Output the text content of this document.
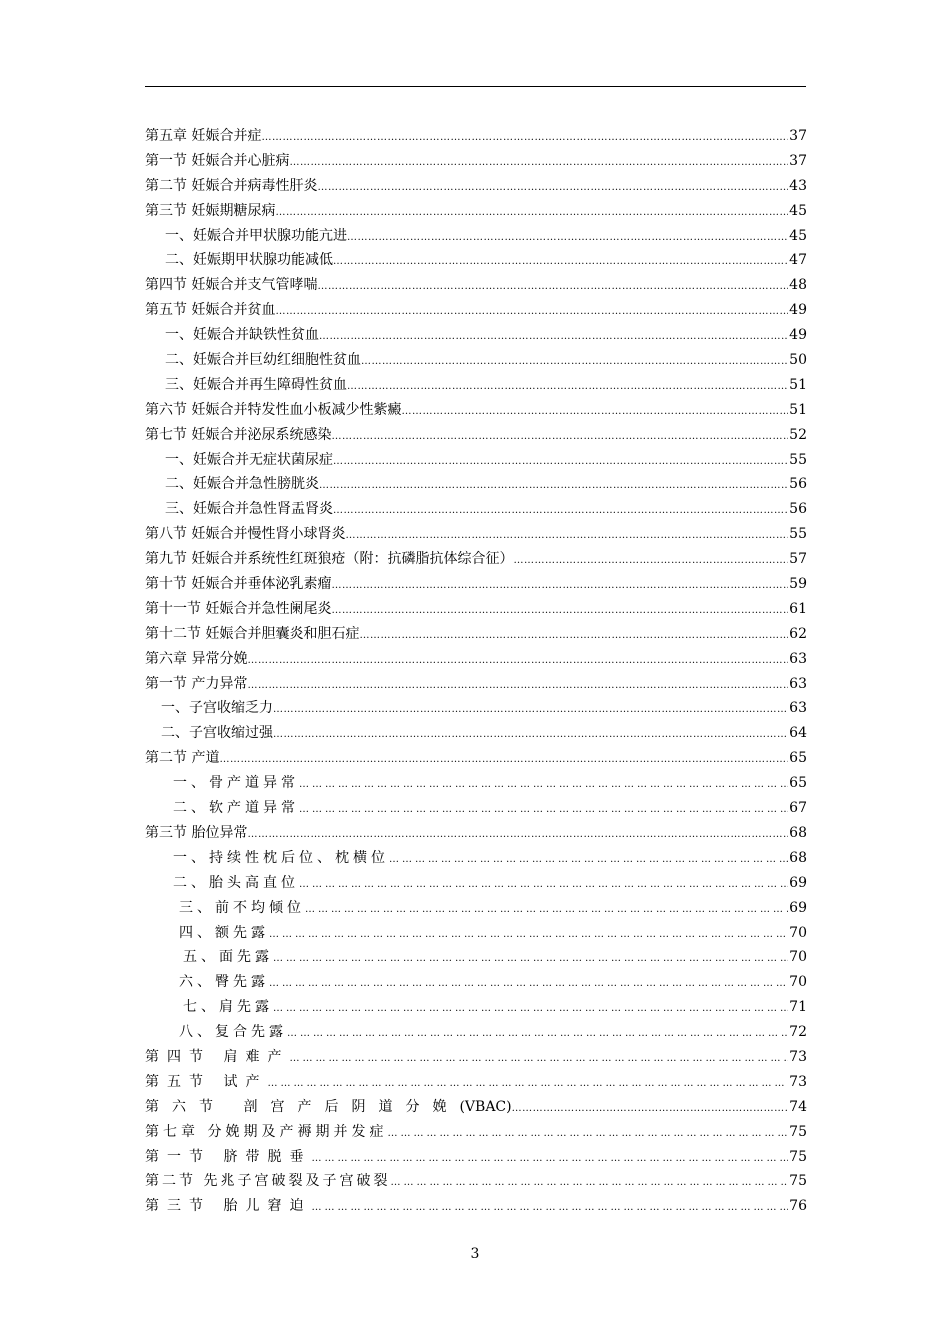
第五章 妊娠合并症 …………………………………………………………………………………………………………………………………………………………………………………………………………………………………………………………	37
第一节 妊娠合并心脏病 …………………………………………………………………………………………………………………………………………………………………………………………………………………………………………………………	37
第二节 妊娠合并病毒性肝炎 …………………………………………………………………………………………………………………………………………………………………………………………………………………………………………………………	43
第三节 妊娠期糖尿病 …………………………………………………………………………………………………………………………………………………………………………………………………………………………………………………………	45
一、妊娠合并甲状腺功能亢进 …………………………………………………………………………………………………………………………………………………………………………………………………………………………………………………………	45
二、妊娠期甲状腺功能减低 …………………………………………………………………………………………………………………………………………………………………………………………………………………………………………………………	47
第四节 妊娠合并支气管哮喘 …………………………………………………………………………………………………………………………………………………………………………………………………………………………………………………………	48
第五节 妊娠合并贫血 …………………………………………………………………………………………………………………………………………………………………………………………………………………………………………………………	49
一、妊娠合并缺铁性贫血 …………………………………………………………………………………………………………………………………………………………………………………………………………………………………………………………	49
二、妊娠合并巨幼红细胞性贫血 …………………………………………………………………………………………………………………………………………………………………………………………………………………………………………………………	50
三、妊娠合并再生障碍性贫血 …………………………………………………………………………………………………………………………………………………………………………………………………………………………………………………………	51
第六节 妊娠合并特发性血小板减少性紫癜 …………………………………………………………………………………………………………………………………………………………………………………………………………………………………………………………	51
第七节 妊娠合并泌尿系统感染 …………………………………………………………………………………………………………………………………………………………………………………………………………………………………………………………	52
一、妊娠合并无症状菌尿症 …………………………………………………………………………………………………………………………………………………………………………………………………………………………………………………………	55
二、妊娠合并急性膀胱炎 …………………………………………………………………………………………………………………………………………………………………………………………………………………………………………………………	56
三、妊娠合并急性肾盂肾炎 …………………………………………………………………………………………………………………………………………………………………………………………………………………………………………………………	56
第八节 妊娠合并慢性肾小球肾炎 …………………………………………………………………………………………………………………………………………………………………………………………………………………………………………………………	55
第九节 妊娠合并系统性红斑狼疮（附：抗磷脂抗体综合征） …………………………………………………………………………………………………………………………………………………………………………………………………………………………………………………………	57
第十节 妊娠合并垂体泌乳素瘤 …………………………………………………………………………………………………………………………………………………………………………………………………………………………………………………………	59
第十一节 妊娠合并急性阑尾炎 …………………………………………………………………………………………………………………………………………………………………………………………………………………………………………………………	61
第十二节 妊娠合并胆囊炎和胆石症 …………………………………………………………………………………………………………………………………………………………………………………………………………………………………………………………	62
第六章 异常分娩 …………………………………………………………………………………………………………………………………………………………………………………………………………………………………………………………	63
第一节 产力异常 …………………………………………………………………………………………………………………………………………………………………………………………………………………………………………………………	63
一、子宫收缩乏力 …………………………………………………………………………………………………………………………………………………………………………………………………………………………………………………………	63
二、子宫收缩过强 …………………………………………………………………………………………………………………………………………………………………………………………………………………………………………………………	64
第二节 产道 …………………………………………………………………………………………………………………………………………………………………………………………………………………………………………………………	65
一、骨产道异常 …………………………………………………………………………………………………………………………………………………………………………………………………………………………………………………………	65
二、软产道异常 …………………………………………………………………………………………………………………………………………………………………………………………………………………………………………………………	67
第三节 胎位异常 …………………………………………………………………………………………………………………………………………………………………………………………………………………………………………………………	68
一、持续性枕后位、枕横位 …………………………………………………………………………………………………………………………………………………………………………………………………………………………………………………………	68
二、胎头高直位 …………………………………………………………………………………………………………………………………………………………………………………………………………………………………………………………	69
三、前不均倾位 …………………………………………………………………………………………………………………………………………………………………………………………………………………………………………………………	69
四、额先露 …………………………………………………………………………………………………………………………………………………………………………………………………………………………………………………………	70
五、面先露 …………………………………………………………………………………………………………………………………………………………………………………………………………………………………………………………	70
六、臀先露 …………………………………………………………………………………………………………………………………………………………………………………………………………………………………………………………	70
七、肩先露 …………………………………………………………………………………………………………………………………………………………………………………………………………………………………………………………	71
八、复合先露 …………………………………………………………………………………………………………………………………………………………………………………………………………………………………………………………	72
第四节 肩难产 …………………………………………………………………………………………………………………………………………………………………………………………………………………………………………………………	73
第五节 试产 …………………………………………………………………………………………………………………………………………………………………………………………………………………………………………………………	73
第六节 剖宫产后阴道分娩 (VBAC) …………………………………………………………………………………………………………………………………………………………………………………………………………………………………………………………	74
第七章 分娩期及产褥期并发症 …………………………………………………………………………………………………………………………………………………………………………………………………………………………………………………………	75
第一节 脐带脱垂 …………………………………………………………………………………………………………………………………………………………………………………………………………………………………………………………	75
第二节 先兆子宫破裂及子宫破裂 …………………………………………………………………………………………………………………………………………………………………………………………………………………………………………………………	75
第三节 胎儿窘迫 …………………………………………………………………………………………………………………………………………………………………………………………………………………………………………………………	76
3
